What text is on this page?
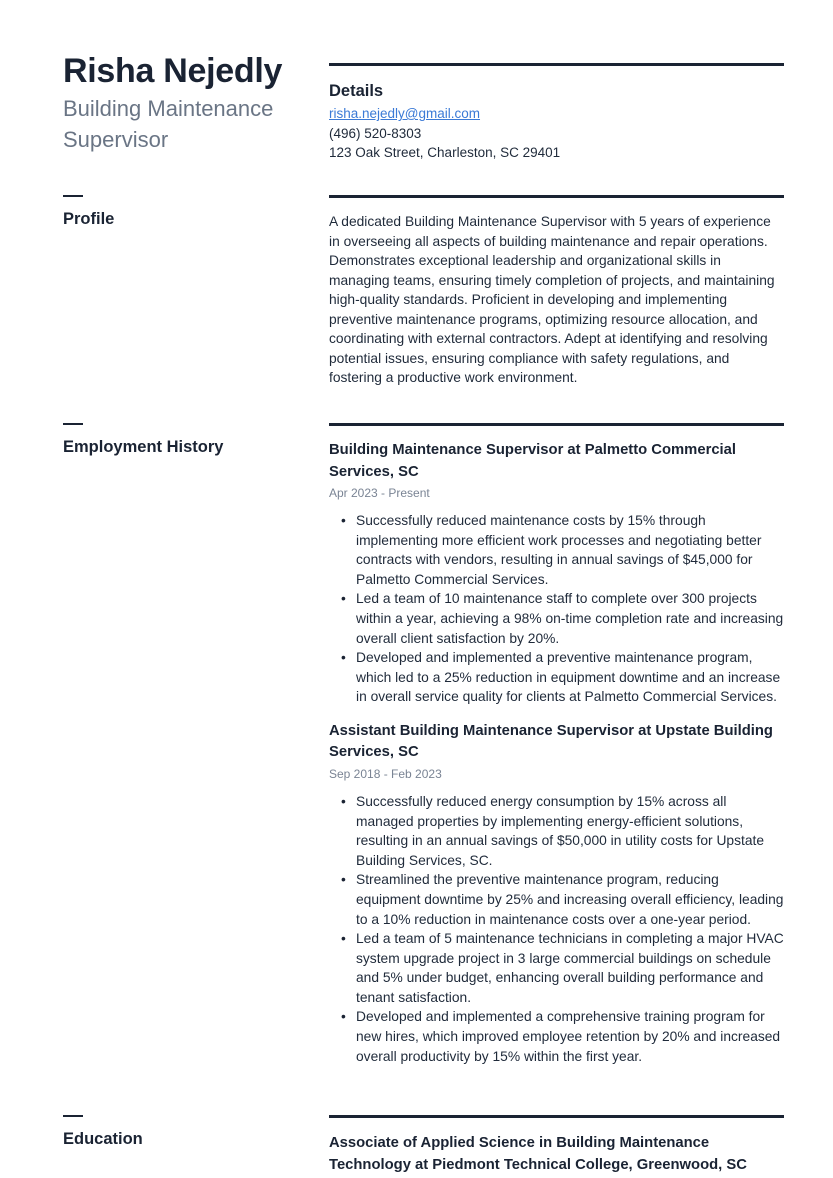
Risha Nejedly
Building Maintenance Supervisor
Details
risha.nejedly@gmail.com
(496) 520-8303
123 Oak Street, Charleston, SC 29401
Profile	A dedicated Building Maintenance Supervisor with 5 years of experience in overseeing all aspects of building maintenance and repair operations. Demonstrates exceptional leadership and organizational skills in managing teams, ensuring timely completion of projects, and maintaining high-quality standards. Proficient in developing and implementing preventive maintenance programs, optimizing resource allocation, and coordinating with external contractors. Adept at identifying and resolving potential issues, ensuring compliance with safety regulations, and fostering a productive work environment.
Employment History	Building Maintenance Supervisor at Palmetto Commercial Services, SC
Apr 2023 - Present
• Successfully reduced maintenance costs by 15% through implementing more efficient work processes and negotiating better contracts with vendors, resulting in annual savings of $45,000 for Palmetto Commercial Services.
• Led a team of 10 maintenance staff to complete over 300 projects within a year, achieving a 98% on-time completion rate and increasing overall client satisfaction by 20%.
• Developed and implemented a preventive maintenance program, which led to a 25% reduction in equipment downtime and an increase in overall service quality for clients at Palmetto Commercial Services.
Assistant Building Maintenance Supervisor at Upstate Building Services, SC
Sep 2018 - Feb 2023
• Successfully reduced energy consumption by 15% across all managed properties by implementing energy-efficient solutions, resulting in an annual savings of $50,000 in utility costs for Upstate Building Services, SC.
• Streamlined the preventive maintenance program, reducing equipment downtime by 25% and increasing overall efficiency, leading to a 10% reduction in maintenance costs over a one-year period.
• Led a team of 5 maintenance technicians in completing a major HVAC system upgrade project in 3 large commercial buildings on schedule and 5% under budget, enhancing overall building performance and tenant satisfaction.
• Developed and implemented a comprehensive training program for new hires, which improved employee retention by 20% and increased overall productivity by 15% within the first year.
Education	Associate of Applied Science in Building Maintenance Technology at Piedmont Technical College, Greenwood, SC
